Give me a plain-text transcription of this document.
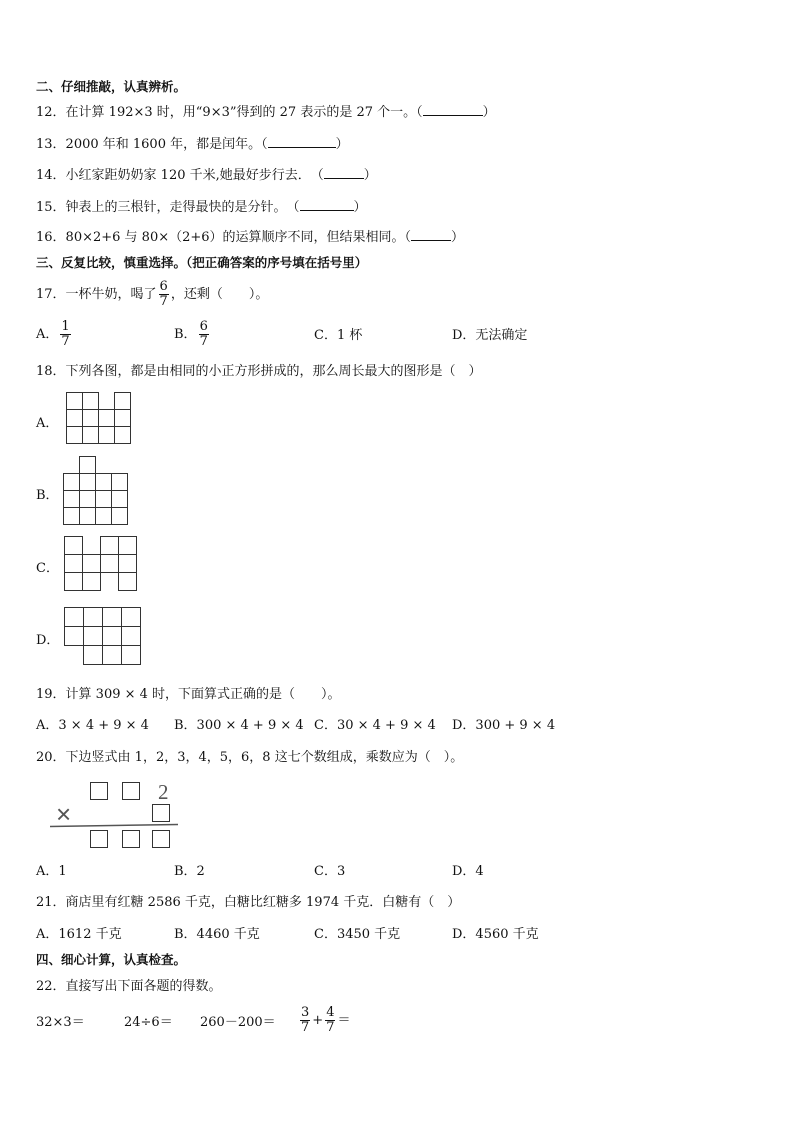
二、仔细推敲，认真辨析。
12．在计算 192×3 时，用“9×3”得到的 27 表示的是 27 个一。（	）
13．2000 年和 1600 年，都是闰年。（	）
14．小红家距奶奶家 120 千米,她最好步行去．　（	）
15．钟表上的三根针，走得最快的是分针。　（	）
16．80×2+6 与 80×（2+6）的运算顺序不同，但结果相同。（	）
三、反复比较，慎重选择。（把正确答案的序号填在括号里）
17．一杯牛奶，喝了 $\frac{6}{7}$ ，还剩（　　）。
A． $\frac{1}{7}$	B． $\frac{6}{7}$	C．1 杯	D．无法确定
18．下列各图，都是由相同的小正方形拼成的，那么周长最大的图形是（　）
A．
B．
C．
D．
19．计算 309 × 4 时，下面算式正确的是（　　）。
A．3 × 4 + 9 × 4 B．300 × 4 + 9 × 4 C．30 × 4 + 9 × 4 D．300 + 9 × 4
20．下边竖式由 1，2，3，4，5，6，8 这七个数组成，乘数应为（　）。
2
×
A．1	B．2	C．3	D．4
21．商店里有红糖 2586 千克，白糖比红糖多 1974 千克．白糖有（　）
A．1612 千克	B．4460 千克	C．3450 千克	D．4560 千克
四、细心计算，认真检查。
22．直接写出下面各题的得数。
32×3＝	$24\div 6= 260-200= \frac{3}{7} + \frac{4}{7}$ ＝
